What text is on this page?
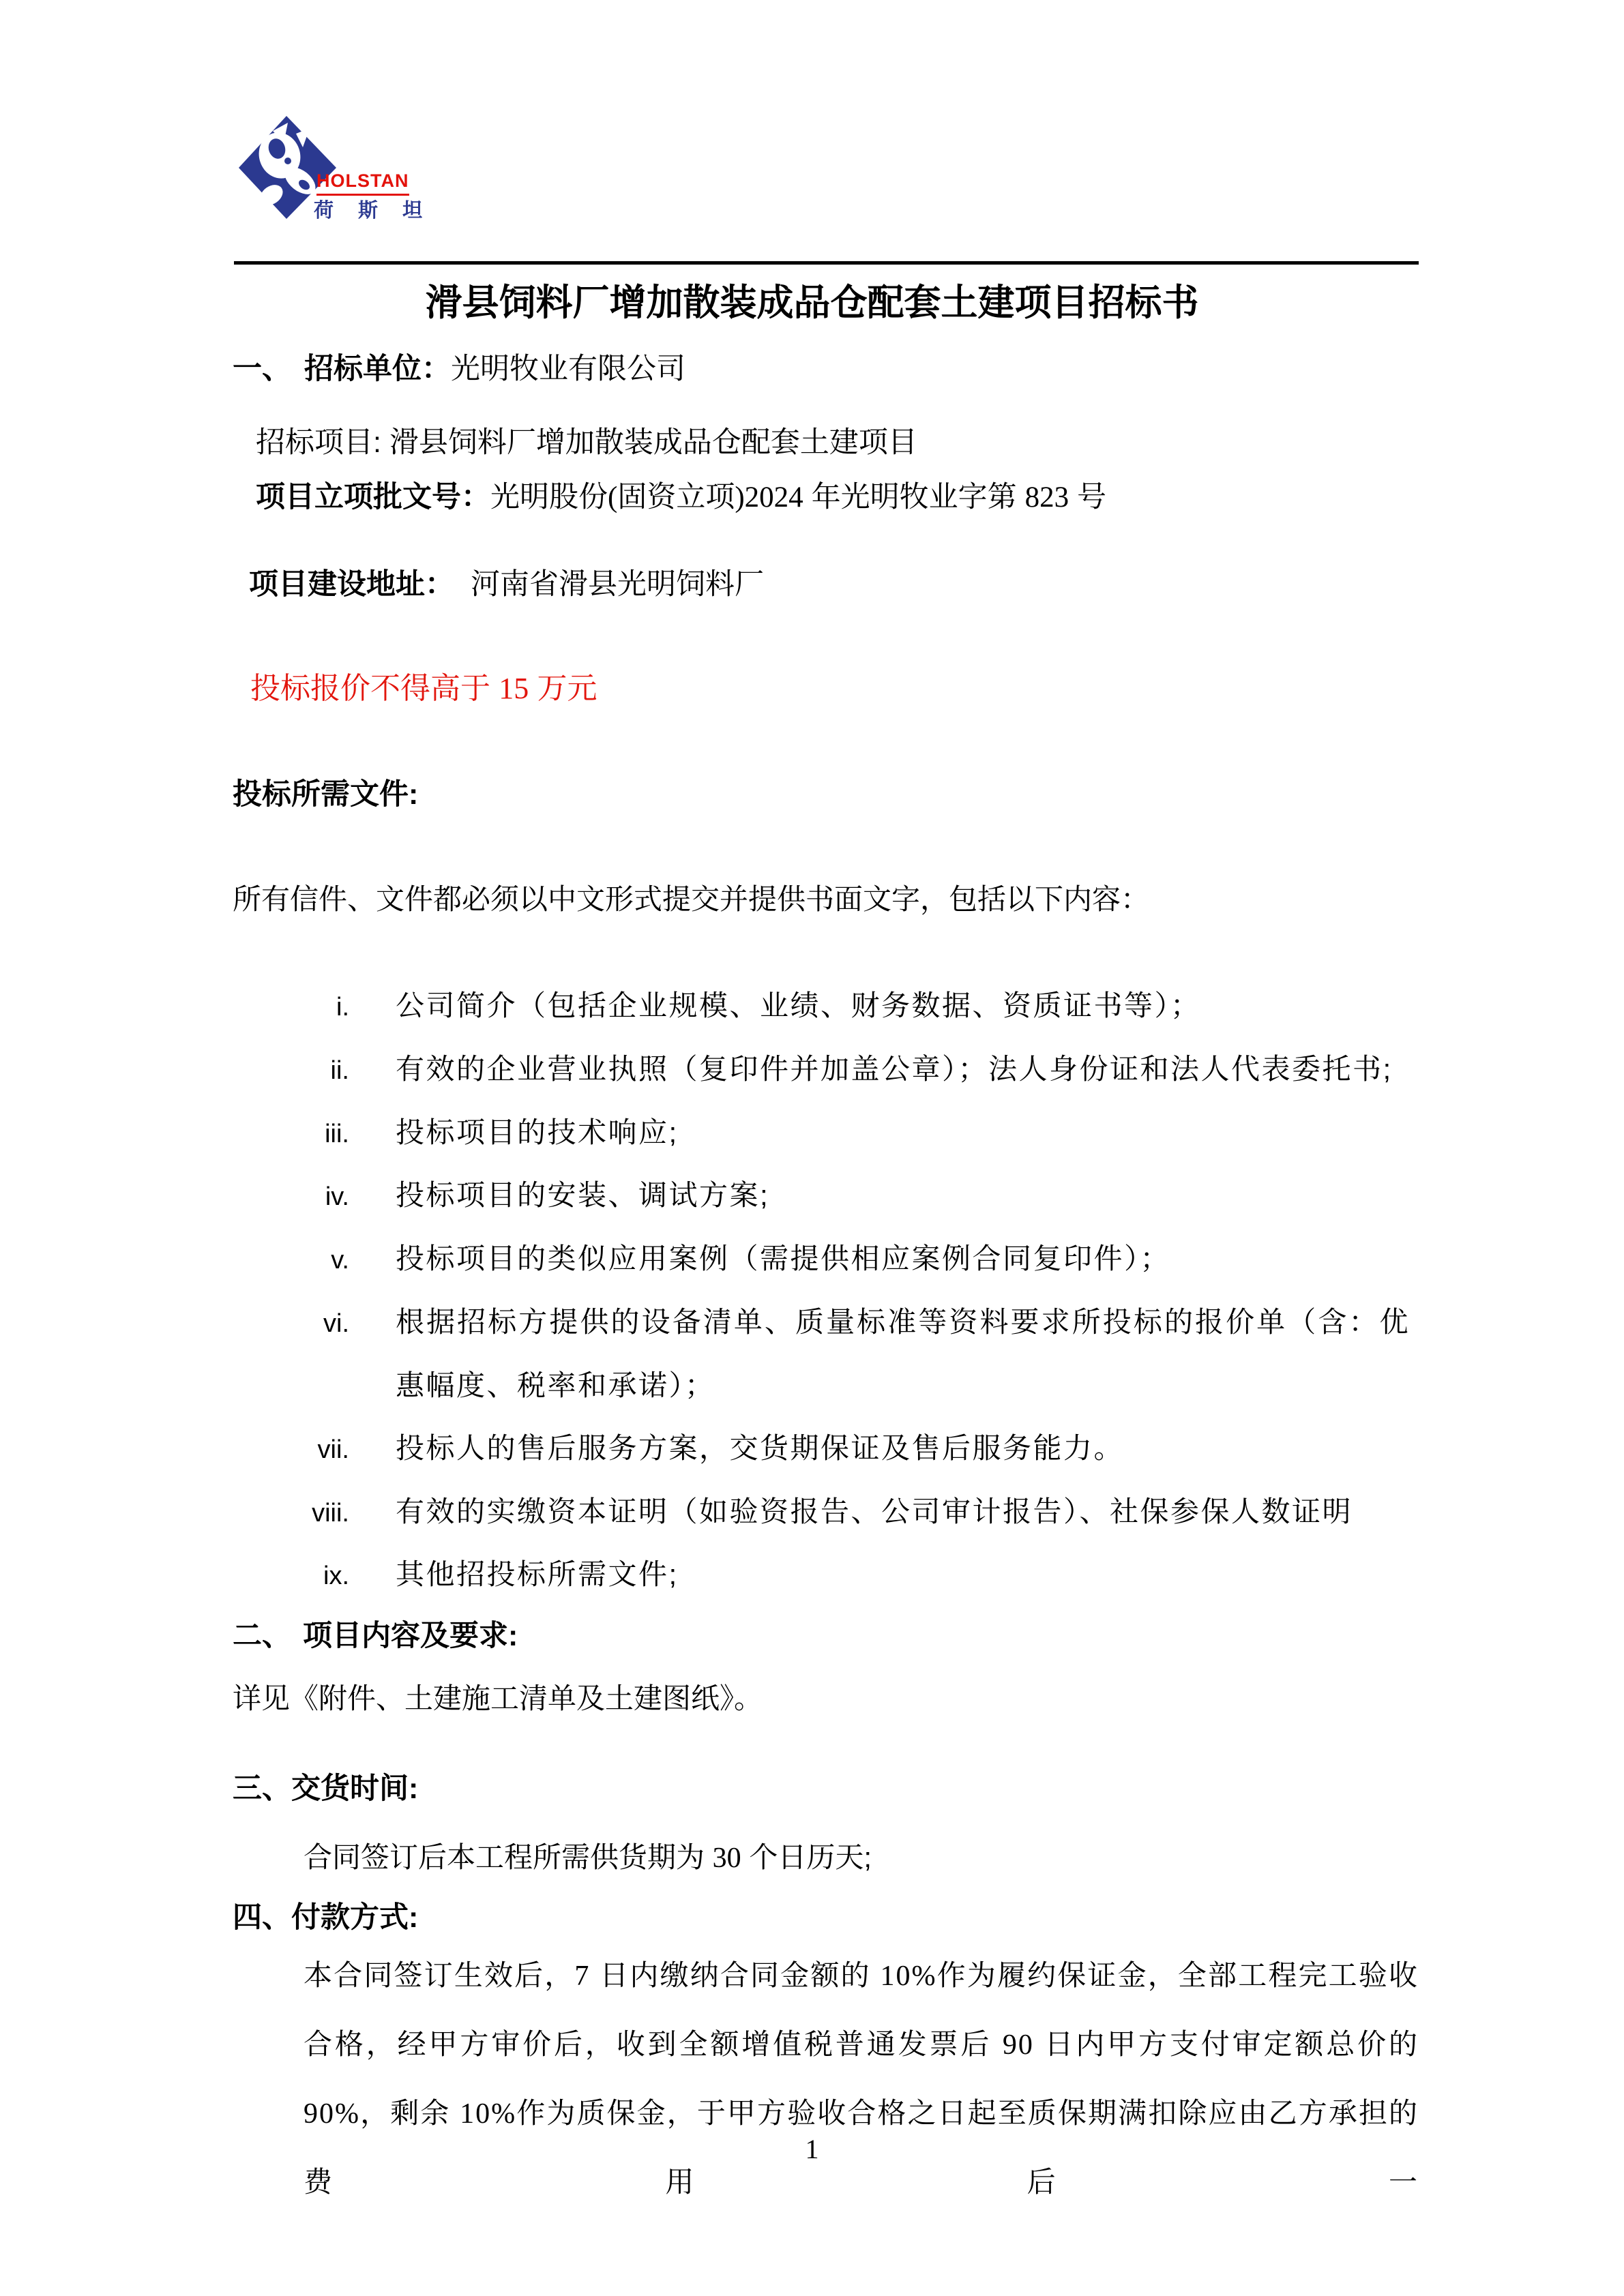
HOLSTAN
荷 斯 坦
滑县饲料厂增加散装成品仓配套土建项目招标书
一、 招标单位：光明牧业有限公司
招标项目: 滑县饲料厂增加散装成品仓配套土建项目
项目立项批文号：光明股份(固资立项)2024 年光明牧业字第 823 号
项目建设地址： 河南省滑县光明饲料厂
投标报价不得高于 15 万元
投标所需文件:
所有信件、文件都必须以中文形式提交并提供书面文字，包括以下内容：
i. 公司简介（包括企业规模、业绩、财务数据、资质证书等）；
ii. 有效的企业营业执照（复印件并加盖公章）；法人身份证和法人代表委托书;
iii. 投标项目的技术响应;
iv. 投标项目的安装、调试方案;
v. 投标项目的类似应用案例（需提供相应案例合同复印件）；
vi. 根据招标方提供的设备清单、质量标准等资料要求所投标的报价单（含：优惠幅度、税率和承诺）；
vii. 投标人的售后服务方案，交货期保证及售后服务能力。
viii. 有效的实缴资本证明（如验资报告、公司审计报告）、社保参保人数证明
ix. 其他招投标所需文件;
二、 项目内容及要求:
详见《附件、土建施工清单及土建图纸》。
三、交货时间:
合同签订后本工程所需供货期为 30 个日历天;
四、付款方式:
本合同签订生效后，7 日内缴纳合同金额的 10%作为履约保证金，全部工程完工验收合格，经甲方审价后，收到全额增值税普通发票后 90 日内甲方支付审定额总价的 90%，剩余 10%作为质保金，于甲方验收合格之日起至质保期满扣除应由乙方承担的费用后一
1
